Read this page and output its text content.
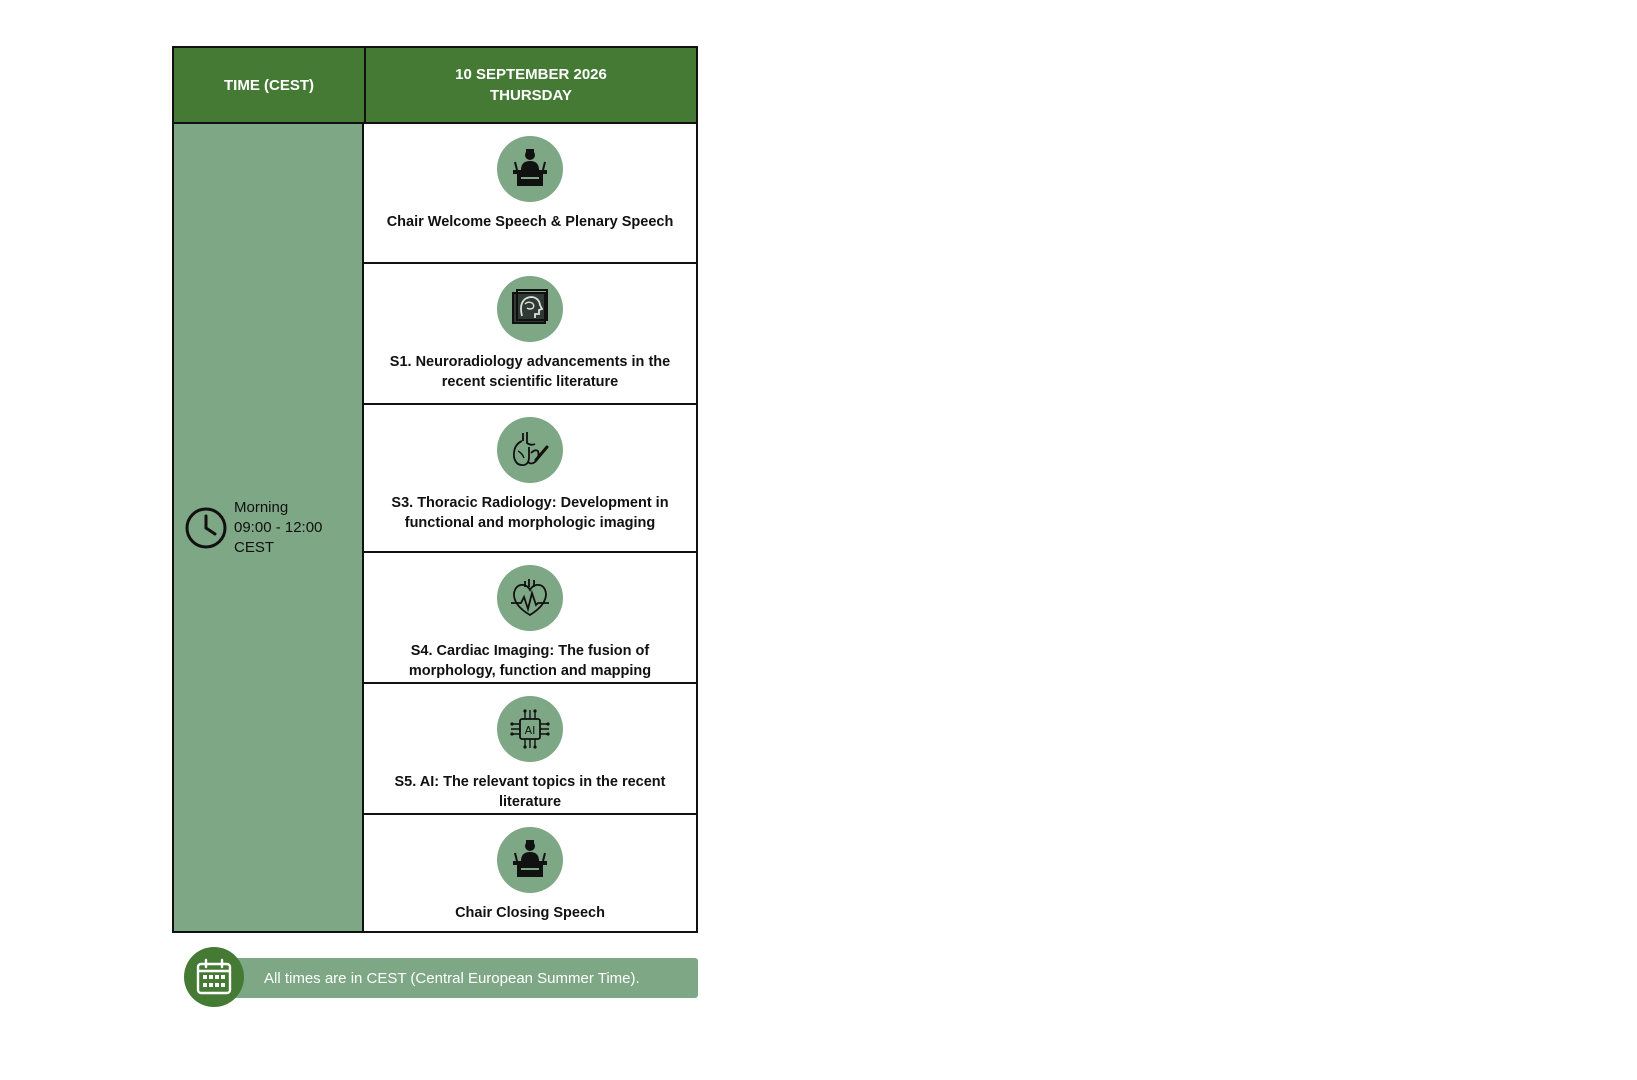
TIME (CEST)
10 SEPTEMBER 2026
THURSDAY
Morning
09:00 - 12:00
CEST
Chair Welcome Speech & Plenary Speech
S1. Neuroradiology advancements in the recent scientific literature
S3. Thoracic Radiology: Development in functional and morphologic imaging
S4. Cardiac Imaging: The fusion of morphology, function and mapping
AI
S5. AI: The relevant topics in the recent literature
Chair Closing Speech
All times are in CEST (Central European Summer Time).
